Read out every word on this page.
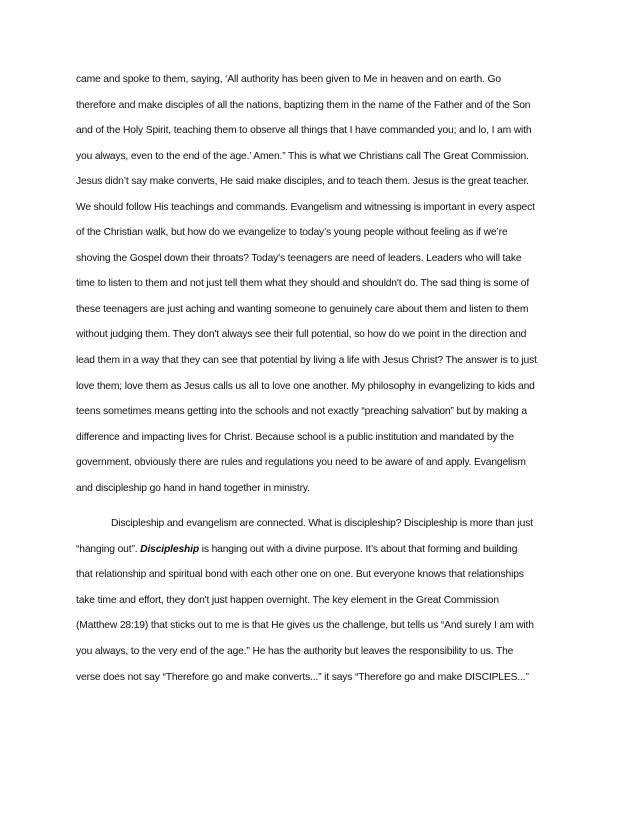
came and spoke to them, saying, ‘All authority has been given to Me in heaven and on earth. Go
therefore and make disciples of all the nations, baptizing them in the name of the Father and of the Son
and of the Holy Spirit, teaching them to observe all things that I have commanded you; and lo, I am with
you always, even to the end of the age.’ Amen.” This is what we Christians call The Great Commission.
Jesus didn’t say make converts, He said make disciples, and to teach them. Jesus is the great teacher.
We should follow His teachings and commands. Evangelism and witnessing is important in every aspect
of the Christian walk, but how do we evangelize to today’s young people without feeling as if we’re
shoving the Gospel down their throats? Today's teenagers are need of leaders. Leaders who will take
time to listen to them and not just tell them what they should and shouldn't do. The sad thing is some of
these teenagers are just aching and wanting someone to genuinely care about them and listen to them
without judging them. They don't always see their full potential, so how do we point in the direction and
lead them in a way that they can see that potential by living a life with Jesus Christ? The answer is to just
love them; love them as Jesus calls us all to love one another. My philosophy in evangelizing to kids and
teens sometimes means getting into the schools and not exactly “preaching salvation” but by making a
difference and impacting lives for Christ. Because school is a public institution and mandated by the
government, obviously there are rules and regulations you need to be aware of and apply. Evangelism
and discipleship go hand in hand together in ministry.
Discipleship and evangelism are connected. What is discipleship? Discipleship is more than just
“hanging out”. Discipleship is hanging out with a divine purpose. It’s about that forming and building
that relationship and spiritual bond with each other one on one. But everyone knows that relationships
take time and effort, they don't just happen overnight. The key element in the Great Commission
(Matthew 28:19) that sticks out to me is that He gives us the challenge, but tells us “And surely I am with
you always, to the very end of the age.” He has the authority but leaves the responsibility to us. The
verse does not say “Therefore go and make converts...” it says “Therefore go and make DISCIPLES...”
